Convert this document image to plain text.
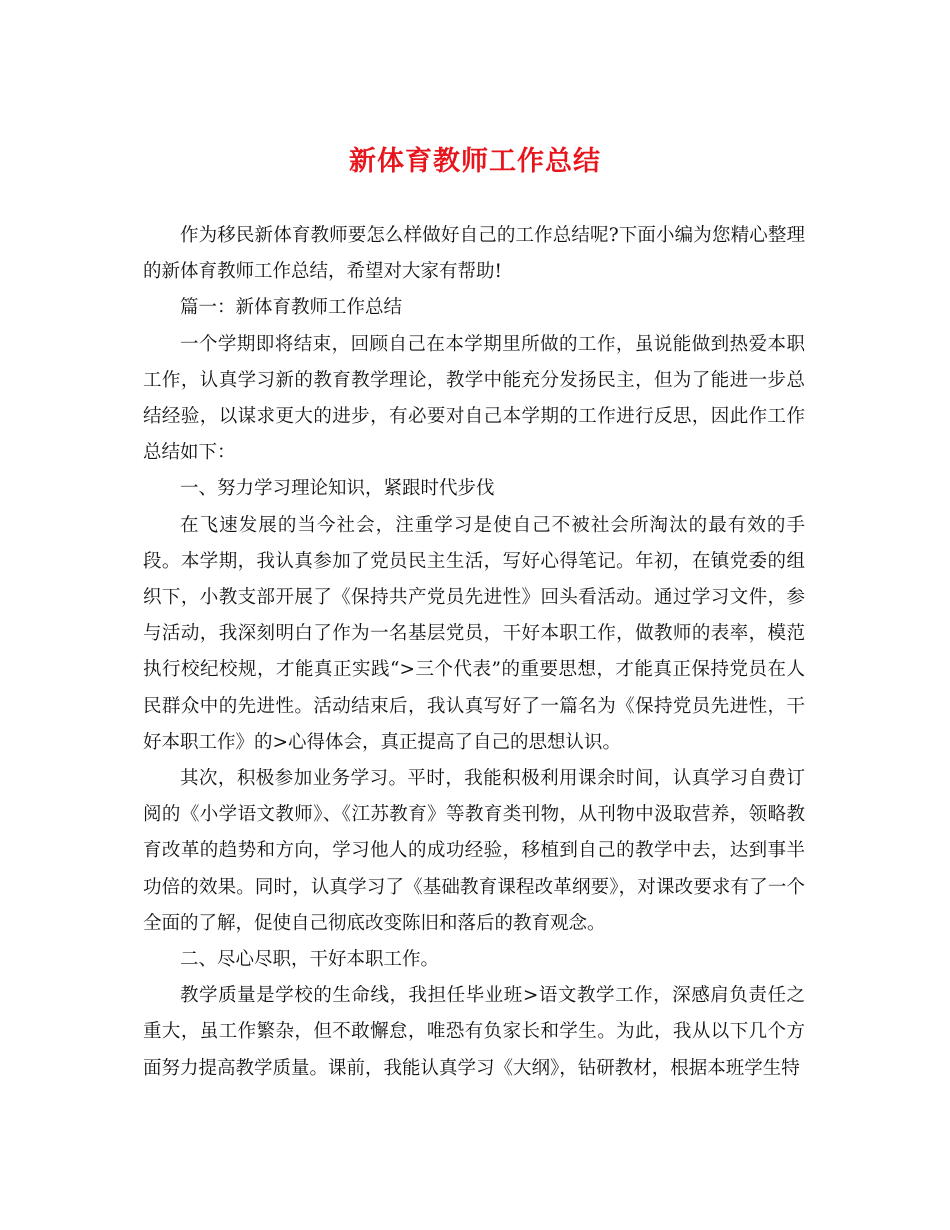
新体育教师工作总结

作为移民新体育教师要怎么样做好自己的工作总结呢?下面小编为您精心整理的新体育教师工作总结，希望对大家有帮助!

篇一：新体育教师工作总结

一个学期即将结束，回顾自己在本学期里所做的工作，虽说能做到热爱本职工作，认真学习新的教育教学理论，教学中能充分发扬民主，但为了能进一步总结经验，以谋求更大的进步，有必要对自己本学期的工作进行反思，因此作工作总结如下：

一、努力学习理论知识，紧跟时代步伐

在飞速发展的当今社会，注重学习是使自己不被社会所淘汰的最有效的手段。本学期，我认真参加了党员民主生活，写好心得笔记。年初，在镇党委的组织下，小教支部开展了《保持共产党员先进性》回头看活动。通过学习文件，参与活动，我深刻明白了作为一名基层党员，干好本职工作，做教师的表率，模范执行校纪校规，才能真正实践“>三个代表”的重要思想，才能真正保持党员在人民群众中的先进性。活动结束后，我认真写好了一篇名为《保持党员先进性，干好本职工作》的>心得体会，真正提高了自己的思想认识。

其次，积极参加业务学习。平时，我能积极利用课余时间，认真学习自费订阅的《小学语文教师》、《江苏教育》等教育类刊物，从刊物中汲取营养，领略教育改革的趋势和方向，学习他人的成功经验，移植到自己的教学中去，达到事半功倍的效果。同时，认真学习了《基础教育课程改革纲要》，对课改要求有了一个全面的了解，促使自己彻底改变陈旧和落后的教育观念。

二、尽心尽职，干好本职工作。

教学质量是学校的生命线，我担任毕业班>语文教学工作，深感肩负责任之重大，虽工作繁杂，但不敢懈怠，唯恐有负家长和学生。为此，我从以下几个方面努力提高教学质量。课前，我能认真学习《大纲》，钻研教材，根据本班学生特
